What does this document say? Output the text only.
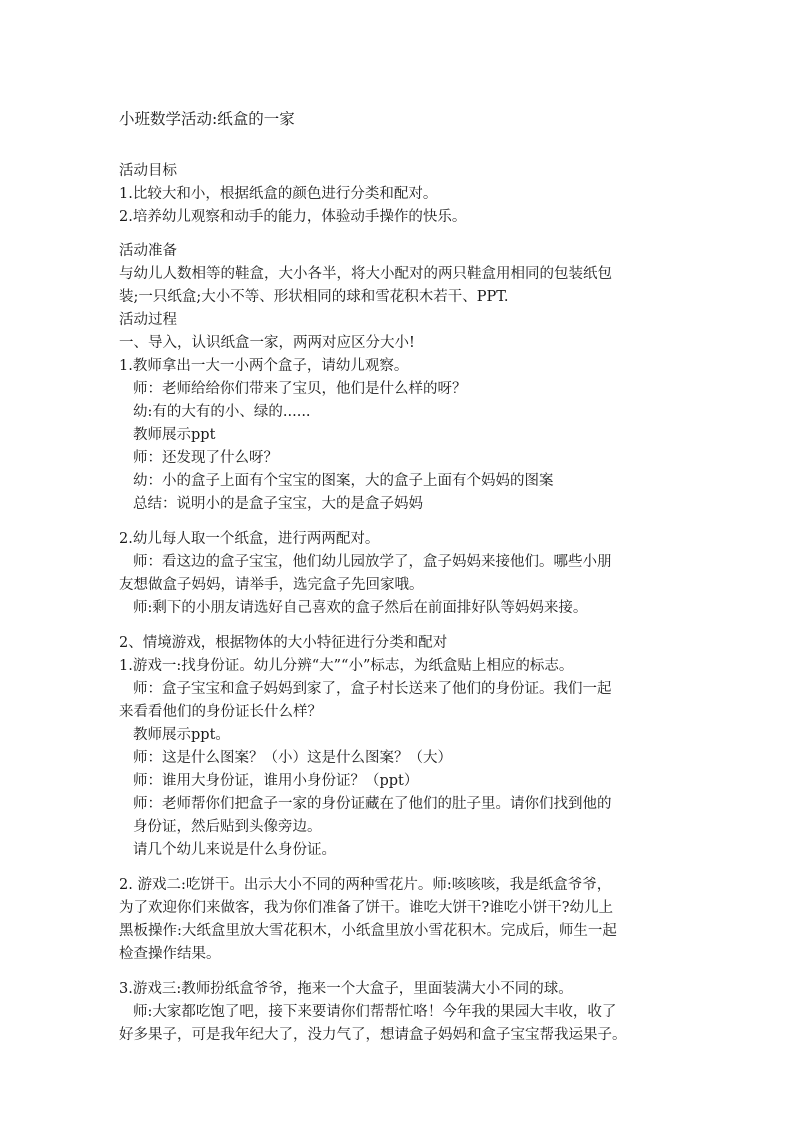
小班数学活动:纸盒的一家
活动目标
1.比较大和小，根据纸盒的颜色进行分类和配对。
2.培养幼儿观察和动手的能力，体验动手操作的快乐。
活动准备
与幼儿人数相等的鞋盒，大小各半，将大小配对的两只鞋盒用相同的包装纸包
装;一只纸盒;大小不等、形状相同的球和雪花积木若干、PPT.
活动过程
一、导入，认识纸盒一家，两两对应区分大小!
1.教师拿出一大一小两个盒子，请幼儿观察。
师：老师给给你们带来了宝贝，他们是什么样的呀？
幼:有的大有的小、绿的......
教师展示ppt
师：还发现了什么呀？
幼：小的盒子上面有个宝宝的图案，大的盒子上面有个妈妈的图案
总结：说明小的是盒子宝宝，大的是盒子妈妈
2.幼儿每人取一个纸盒，进行两两配对。
师：看这边的盒子宝宝，他们幼儿园放学了，盒子妈妈来接他们。哪些小朋
友想做盒子妈妈，请举手，选完盒子先回家哦。
师:剩下的小朋友请选好自己喜欢的盒子然后在前面排好队等妈妈来接。
2、情境游戏，根据物体的大小特征进行分类和配对
1.游戏一:找身份证。幼儿分辨“大”“小”标志，为纸盒贴上相应的标志。
师：盒子宝宝和盒子妈妈到家了，盒子村长送来了他们的身份证。我们一起
来看看他们的身份证长什么样？
教师展示ppt。
师：这是什么图案？（小）这是什么图案？（大）
师：谁用大身份证，谁用小身份证？（ppt）
师：老师帮你们把盒子一家的身份证藏在了他们的肚子里。请你们找到他的
身份证，然后贴到头像旁边。
请几个幼儿来说是什么身份证。
2. 游戏二:吃饼干。出示大小不同的两种雪花片。师:咳咳咳，我是纸盒爷爷，
为了欢迎你们来做客，我为你们准备了饼干。谁吃大饼干?谁吃小饼干?幼儿上
黑板操作:大纸盒里放大雪花积木，小纸盒里放小雪花积木。完成后，师生一起
检查操作结果。
3.游戏三:教师扮纸盒爷爷，拖来一个大盒子，里面装满大小不同的球。
师:大家都吃饱了吧，接下来要请你们帮帮忙咯！今年我的果园大丰收，收了
好多果子，可是我年纪大了，没力气了，想请盒子妈妈和盒子宝宝帮我运果子。
